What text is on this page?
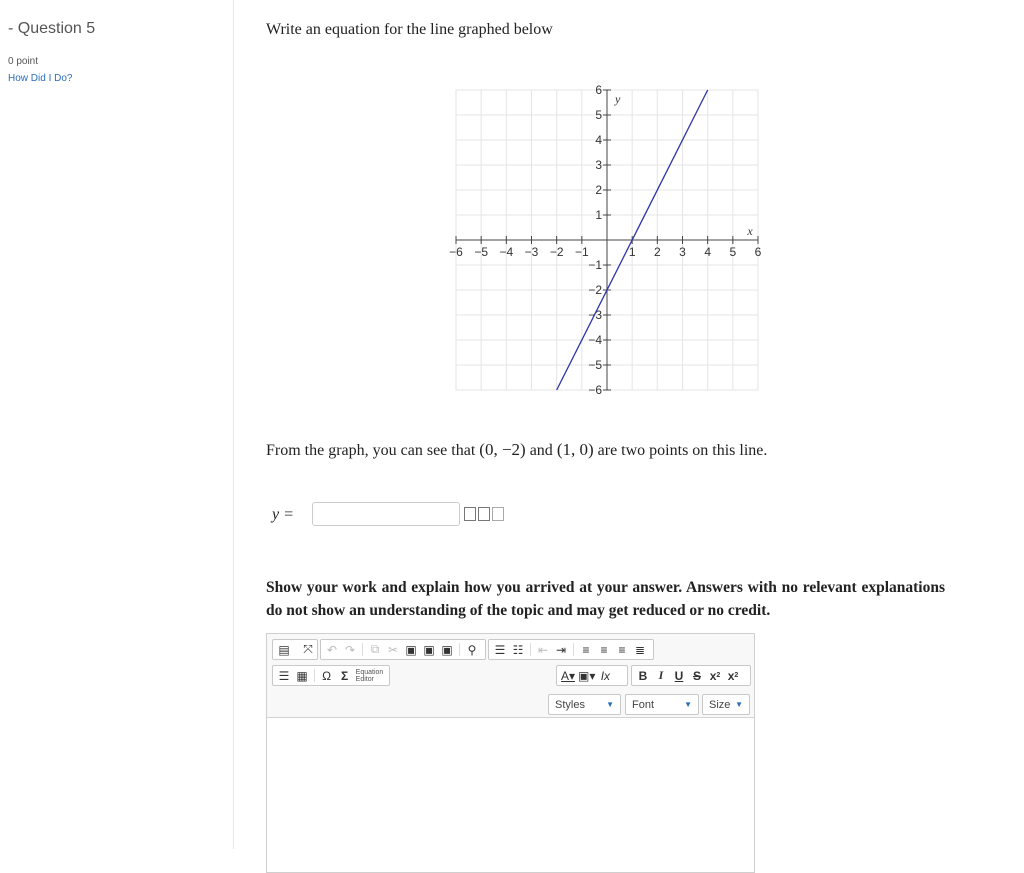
- Question 5
0 point
How Did I Do?
Write an equation for the line graphed below
−6 −5 −4 −3 −2 −1	1 2 3 4 5 6
−6
−5
−4
−3
−2
−1
1
2
3
4
5
6
x
y
From the graph, you can see that (0, −2) and (1, 0) are two points on this line.
y =
Show your work and explain how you arrived at your answer. Answers with no relevant explanations do not show an understanding of the topic and may get reduced or no credit.
▤	⤧	↶ ↷	⧉ ✂ ▣ ▣ ▣	⚲	☰ ☷	⇤ ⇥	≡ ≡ ≡ ≣
☰ ▦	Ω Σ	Equation Editor	A▾ ▣▾ Ix	B I U S x 2 x 2
Styles	▼ Font	▼ Size ▼
